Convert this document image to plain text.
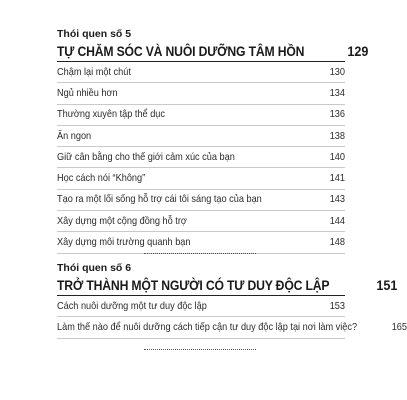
Thói quen số 5
TỰ CHĂM SÓC VÀ NUÔI DƯỠNG TÂM HỒN	129
Chậm lại một chút	130
Ngủ nhiều hơn	134
Thường xuyên tập thể dục	136
Ăn ngon	138
Giữ cân bằng cho thế giới cảm xúc của bạn	140
Học cách nói “Không”	141
Tạo ra một lối sống hỗ trợ cái tôi sáng tạo của bạn	143
Xây dựng một cộng đồng hỗ trợ	144
Xây dựng môi trường quanh bạn	148
Thói quen số 6
TRỞ THÀNH MỘT NGƯỜI CÓ TƯ DUY ĐỘC LẬP	151
Cách nuôi dưỡng một tư duy độc lập	153
Làm thế nào để nuôi dưỡng cách tiếp cận tư duy độc lập tại nơi làm việc?	165
